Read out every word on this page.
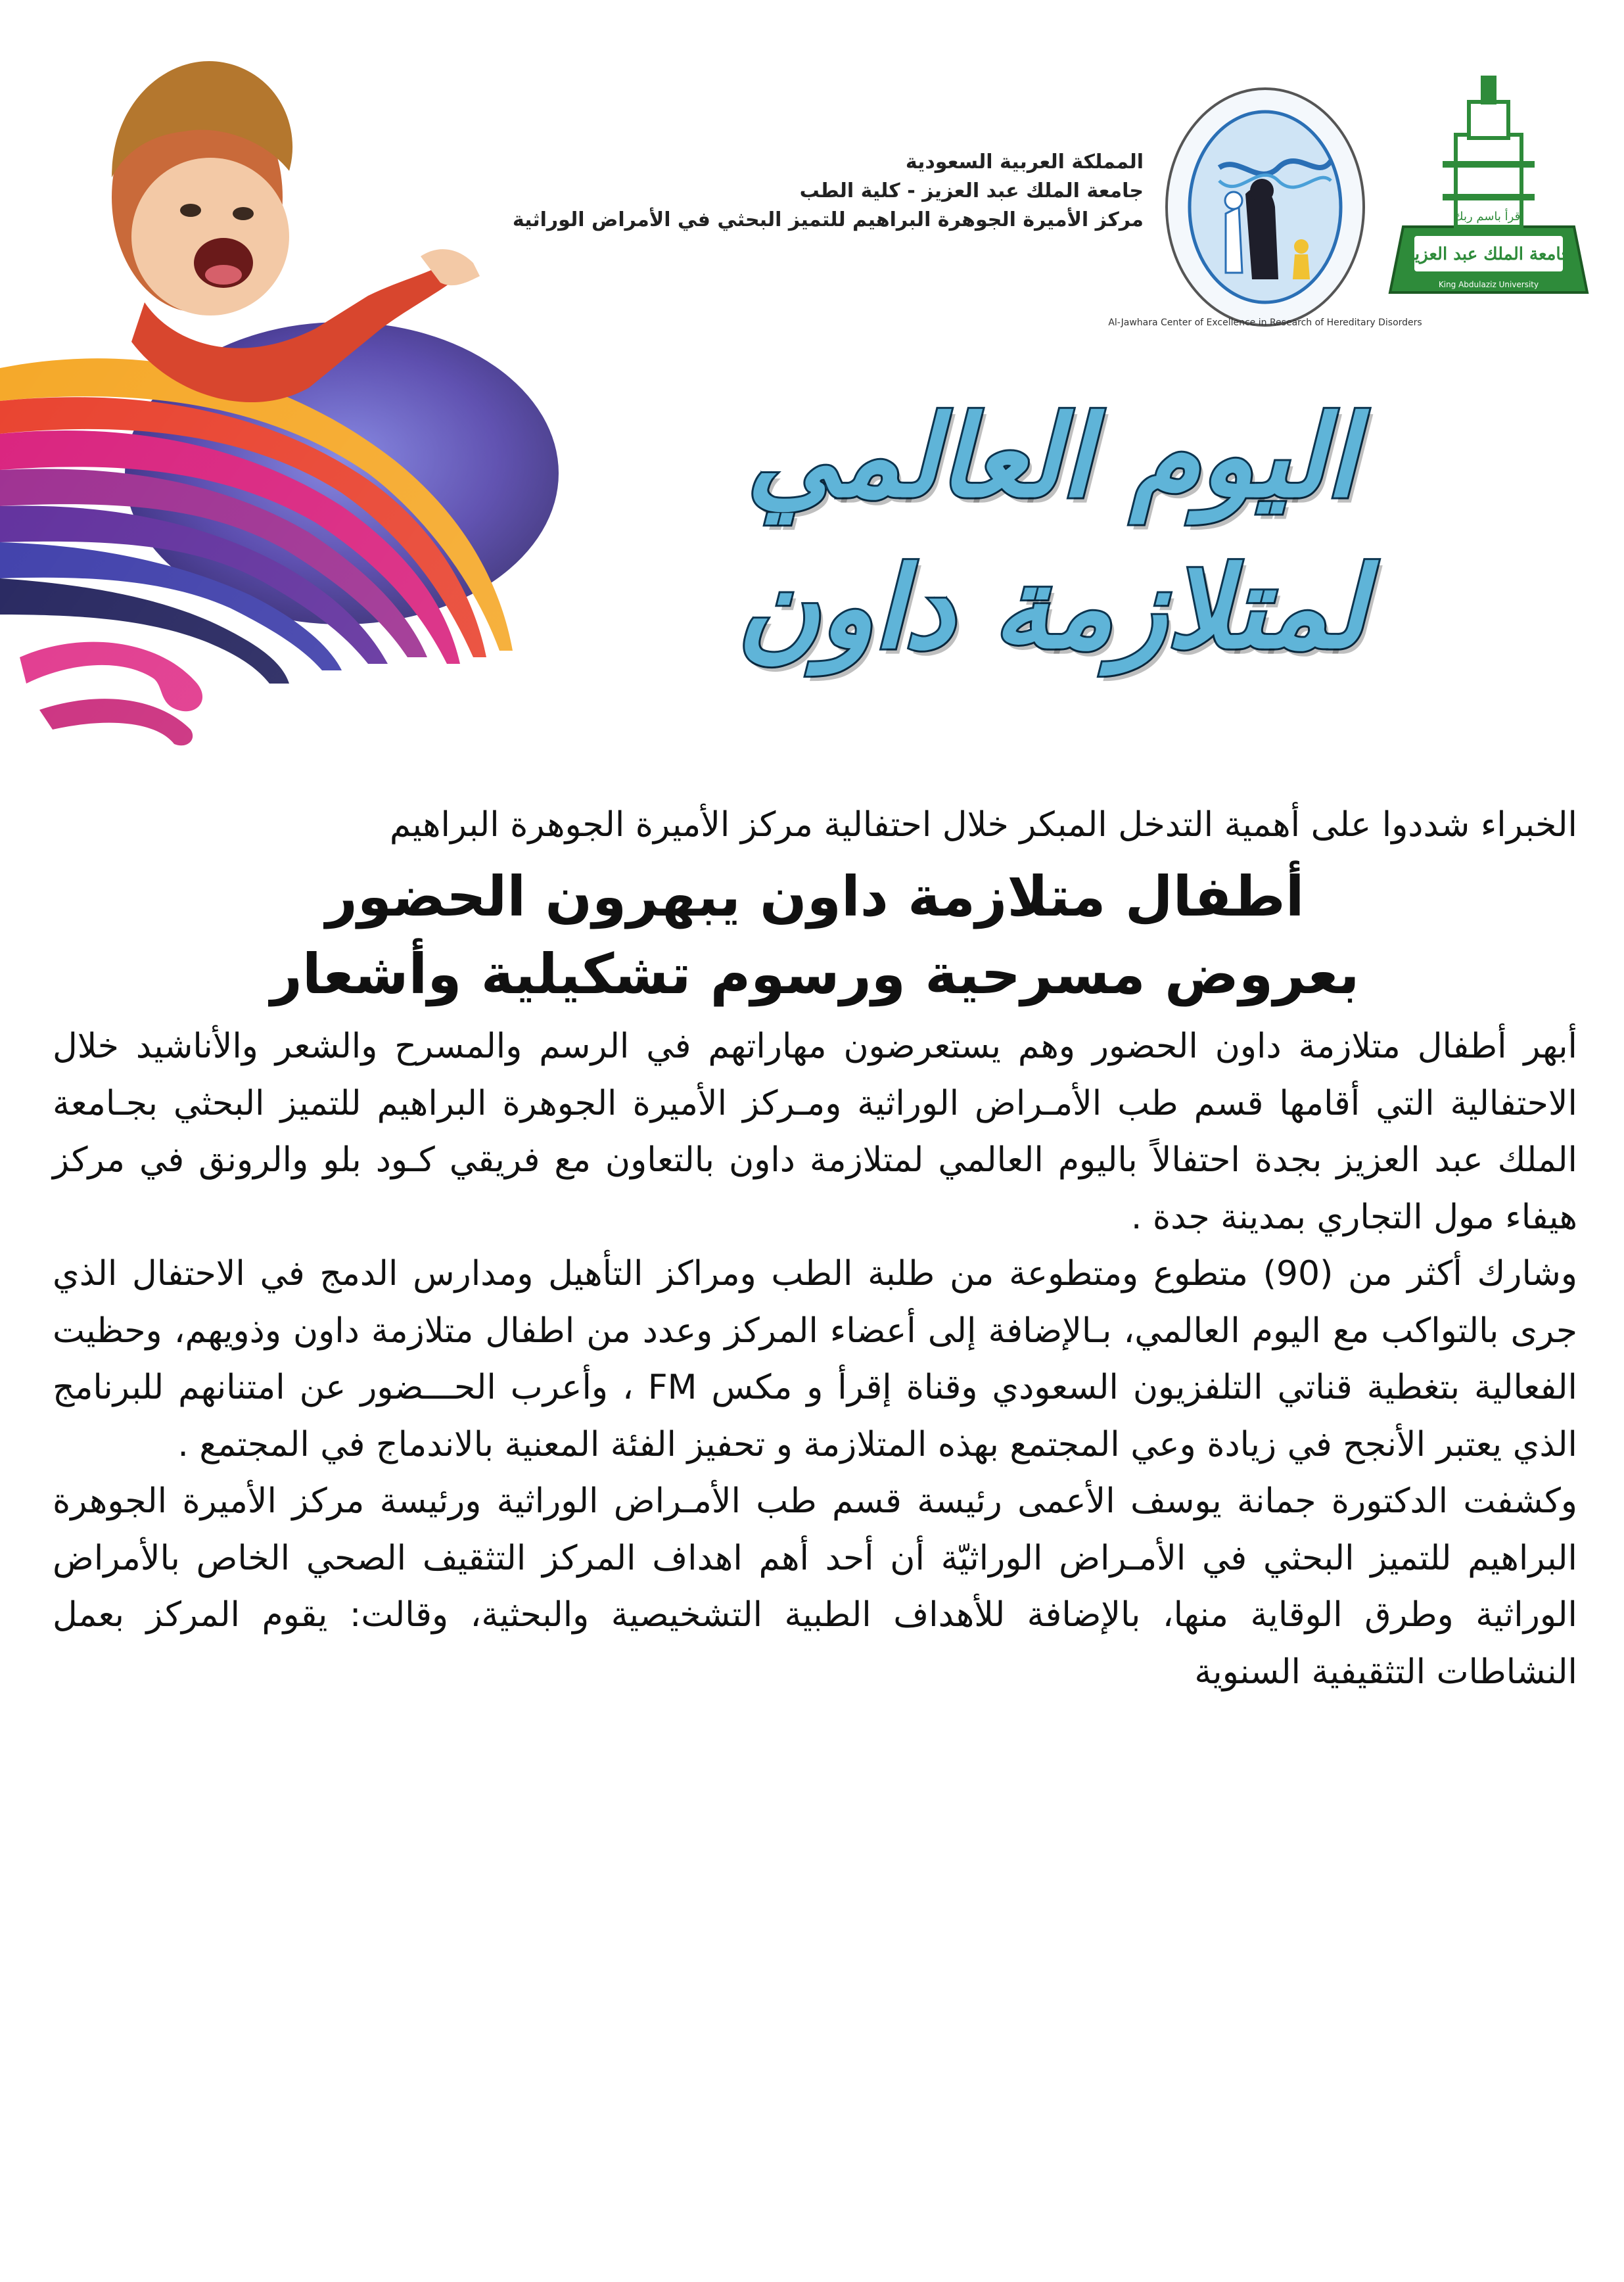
المملكة العربية السعودية
جامعة الملك عبد العزيز - كلية الطب
مركز الأميرة الجوهرة البراهيم للتميز البحثي في الأمراض الوراثية
Al-Jawhara Center of Excellence in Research of Hereditary Disorders
جامعة الملك عبد العزيز
King Abdulaziz University
اقرأ باسم ربك
اليوم العالمي
لمتلازمة داون
الخبراء شددوا على أهمية التدخل المبكر خلال احتفالية مركز الأميرة الجوهرة البراهيم
أطفال متلازمة داون يبهرون الحضور
بعروض مسرحية ورسوم تشكيلية وأشعار

أبهر أطفال متلازمة داون الحضور وهم يستعرضون مهاراتهم في الرسم والمسرح والشعر والأناشيد خلال الاحتفالية التي أقامها قسم طب الأمـراض الوراثية ومـركز الأميرة الجوهرة البراهيم للتميز البحثي بجـامعة الملك عبد العزيز بجدة احتفالاً باليوم العالمي لمتلازمة داون بالتعاون مع فريقي كـود بلو والرونق في مركز هيفاء مول التجاري بمدينة جدة .

وشارك أكثر من (90) متطوع ومتطوعة من طلبة الطب ومراكز التأهيل ومدارس الدمج في الاحتفال الذي جرى بالتواكب مع اليوم العالمي، بـالإضافة إلى أعضاء المركز وعدد من اطفال متلازمة داون وذويهم، وحظيت الفعالية بتغطية قناتي التلفزيون السعودي وقناة إقرأ و مكس FM ، وأعرب الحـــضور عن امتنانهم للبرنامج الذي يعتبر الأنجح في زيادة وعي المجتمع بهذه المتلازمة و تحفيز الفئة المعنية بالاندماج في المجتمع .

وكشفت الدكتورة جمانة يوسف الأعمى رئيسة قسم طب الأمـراض الوراثية ورئيسة مركز الأميرة الجوهرة البراهيم للتميز البحثي في الأمـراض الوراثيّة أن أحد أهم اهداف المركز التثقيف الصحي الخاص بالأمراض الوراثية وطرق الوقاية منها، بالإضافة للأهداف الطبية التشخيصية والبحثية، وقالت: يقوم المركز بعمل النشاطات التثقيفية السنوية
